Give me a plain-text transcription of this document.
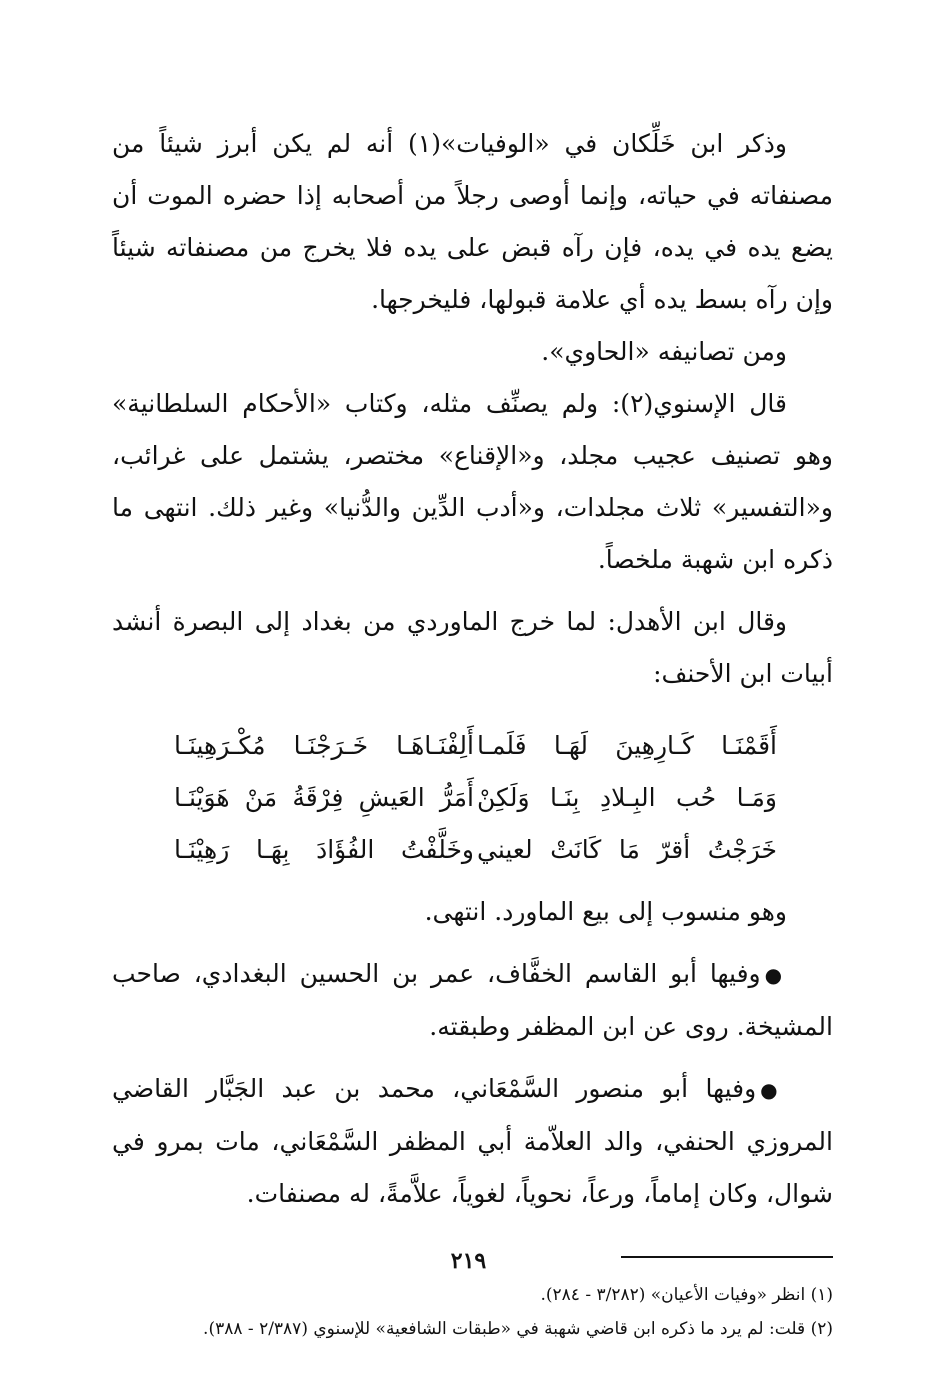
وذكر ابن خَلِّكان في «الوفيات»(١) أنه لم يكن أبرز شيئاً من مصنفاته في حياته، وإنما أوصى رجلاً من أصحابه إذا حضره الموت أن يضع يده في يده، فإن رآه قبض على يده فلا يخرج من مصنفاته شيئاً وإن رآه بسط يده أي علامة قبولها، فليخرجها.

ومن تصانيفه «الحاوي».

قال الإسنوي(٢): ولم يصنِّف مثله، وكتاب «الأحكام السلطانية» وهو تصنيف عجيب مجلد، و«الإقناع» مختصر، يشتمل على غرائب، و«التفسير» ثلاث مجلدات، و«أدب الدِّين والدُّنيا» وغير ذلك. انتهى ما ذكره ابن شهبة ملخصاً.

وقال ابن الأهدل: لما خرج الماوردي من بغداد إلى البصرة أنشد أبيات ابن الأحنف:

أَقَمْنَـا كَـارِهِينَ لَهَـا فَلَمـا
أَلِفْنَـاهَـا خَـرَجْنَـا مُكْـرَهِينَـا
وَمَـا حُب البِـلادِ بِنَـا وَلَكِنْ
أَمَرُّ العَيشِ فِرْقَةُ مَنْ هَوَيْنَـا
خَرَجْتُ أقرّ مَا كَانَتْ لعيني
وخَلَّفْتُ الفُؤَادَ بِهَـا رَهِيْنَـا

وهو منسوب إلى بيع الماورد. انتهى.

●وفيها أبو القاسم الخفَّاف، عمر بن الحسين البغدادي، صاحب المشيخة. روى عن ابن المظفر وطبقته.

●وفيها أبو منصور السَّمْعَاني، محمد بن عبد الجَبَّار القاضي المروزي الحنفي، والد العلاّمة أبي المظفر السَّمْعَاني، مات بمرو في شوال، وكان إماماً، ورعاً، نحوياً، لغوياً، علاَّمةً، له مصنفات.

(١) انظر «وفيات الأعيان» (٣/٢٨٢ - ٢٨٤).

(٢) قلت: لم يرد ما ذكره ابن قاضي شهبة في «طبقات الشافعية» للإسنوي (٢/٣٨٧ - ٣٨٨).

٢١٩
